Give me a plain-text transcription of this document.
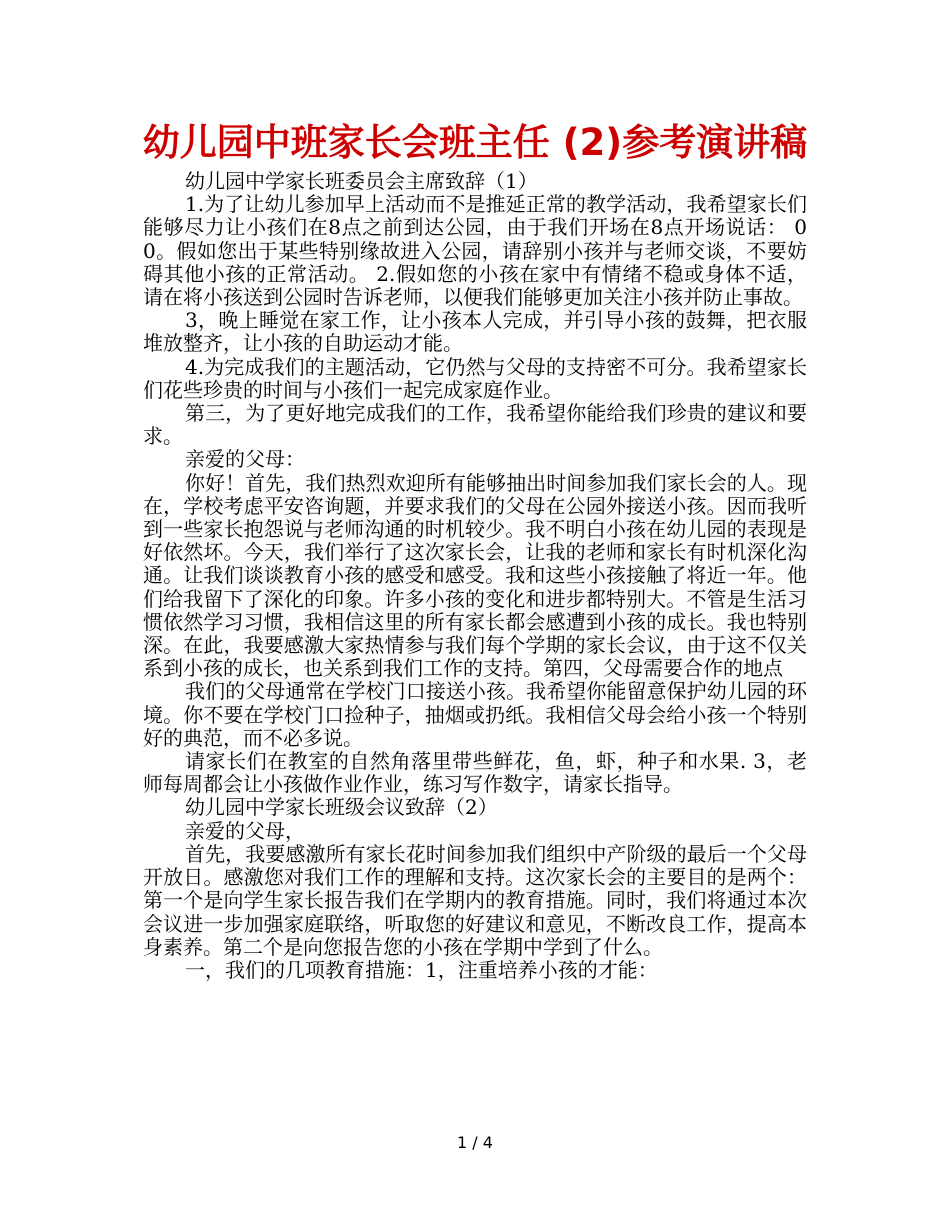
幼儿园中班家长会班主任 (2)参考演讲稿

幼儿园中学家长班委员会主席致辞（1）

1.为了让幼儿参加早上活动而不是推延正常的教学活动，我希望家长们能够尽力让小孩们在8点之前到达公园，由于我们开场在8点开场说话： 00。假如您出于某些特别缘故进入公园，请辞别小孩并与老师交谈，不要妨碍其他小孩的正常活动。 2.假如您的小孩在家中有情绪不稳或身体不适，请在将小孩送到公园时告诉老师，以便我们能够更加关注小孩并防止事故。

3，晚上睡觉在家工作，让小孩本人完成，并引导小孩的鼓舞，把衣服堆放整齐，让小孩的自助运动才能。

4.为完成我们的主题活动，它仍然与父母的支持密不可分。我希望家长们花些珍贵的时间与小孩们一起完成家庭作业。

第三，为了更好地完成我们的工作，我希望你能给我们珍贵的建议和要求。

亲爱的父母：

你好！首先，我们热烈欢迎所有能够抽出时间参加我们家长会的人。现在，学校考虑平安咨询题，并要求我们的父母在公园外接送小孩。因而我听到一些家长抱怨说与老师沟通的时机较少。我不明白小孩在幼儿园的表现是好依然坏。今天，我们举行了这次家长会，让我的老师和家长有时机深化沟通。让我们谈谈教育小孩的感受和感受。我和这些小孩接触了将近一年。他们给我留下了深化的印象。许多小孩的变化和进步都特别大。不管是生活习惯依然学习习惯，我相信这里的所有家长都会感遭到小孩的成长。我也特别深。在此，我要感激大家热情参与我们每个学期的家长会议，由于这不仅关系到小孩的成长，也关系到我们工作的支持。第四，父母需要合作的地点

我们的父母通常在学校门口接送小孩。我希望你能留意保护幼儿园的环境。你不要在学校门口捡种子，抽烟或扔纸。我相信父母会给小孩一个特别好的典范，而不必多说。

请家长们在教室的自然角落里带些鲜花，鱼，虾，种子和水果. 3，老师每周都会让小孩做作业作业，练习写作数字，请家长指导。

幼儿园中学家长班级会议致辞（2）

亲爱的父母，

首先，我要感激所有家长花时间参加我们组织中产阶级的最后一个父母开放日。感激您对我们工作的理解和支持。这次家长会的主要目的是两个：第一个是向学生家长报告我们在学期内的教育措施。同时，我们将通过本次会议进一步加强家庭联络，听取您的好建议和意见，不断改良工作，提高本身素养。第二个是向您报告您的小孩在学期中学到了什么。

一，我们的几项教育措施：1，注重培养小孩的才能：

1 / 4
